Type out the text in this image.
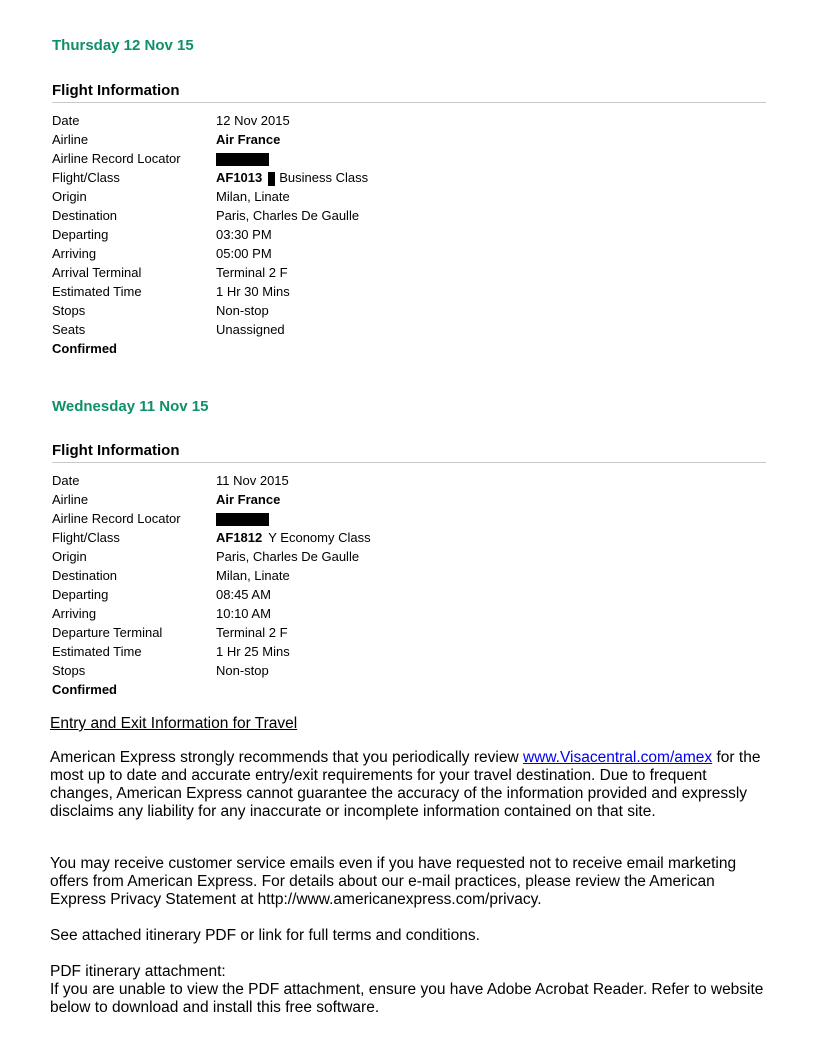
Thursday 12 Nov 15
Flight Information
Date	12 Nov 2015
Airline	Air France
Airline Record Locator	
Flight/Class	AF1013 Business Class
Origin	Milan, Linate
Destination	Paris, Charles De Gaulle
Departing	03:30 PM
Arriving	05:00 PM
Arrival Terminal	Terminal 2 F
Estimated Time	1 Hr 30 Mins
Stops	Non-stop
Seats	Unassigned
Confirmed	
Wednesday 11 Nov 15
Flight Information
Date	11 Nov 2015
Airline	Air France
Airline Record Locator	
Flight/Class	AF1812 Y Economy Class
Origin	Paris, Charles De Gaulle
Destination	Milan, Linate
Departing	08:45 AM
Arriving	10:10 AM
Departure Terminal	Terminal 2 F
Estimated Time	1 Hr 25 Mins
Stops	Non-stop
Confirmed	

Entry and Exit Information for Travel

American Express strongly recommends that you periodically review www.Visacentral.com/amex for the most up to date and accurate entry/exit requirements for your travel destination. Due to frequent changes, American Express cannot guarantee the accuracy of the information provided and expressly disclaims any liability for any inaccurate or incomplete information contained on that site.

You may receive customer service emails even if you have requested not to receive email marketing offers from American Express. For details about our e-mail practices, please review the American Express Privacy Statement at http://www.americanexpress.com/privacy.

See attached itinerary PDF or link for full terms and conditions.

PDF itinerary attachment:

If you are unable to view the PDF attachment, ensure you have Adobe Acrobat Reader. Refer to website below to download and install this free software.
